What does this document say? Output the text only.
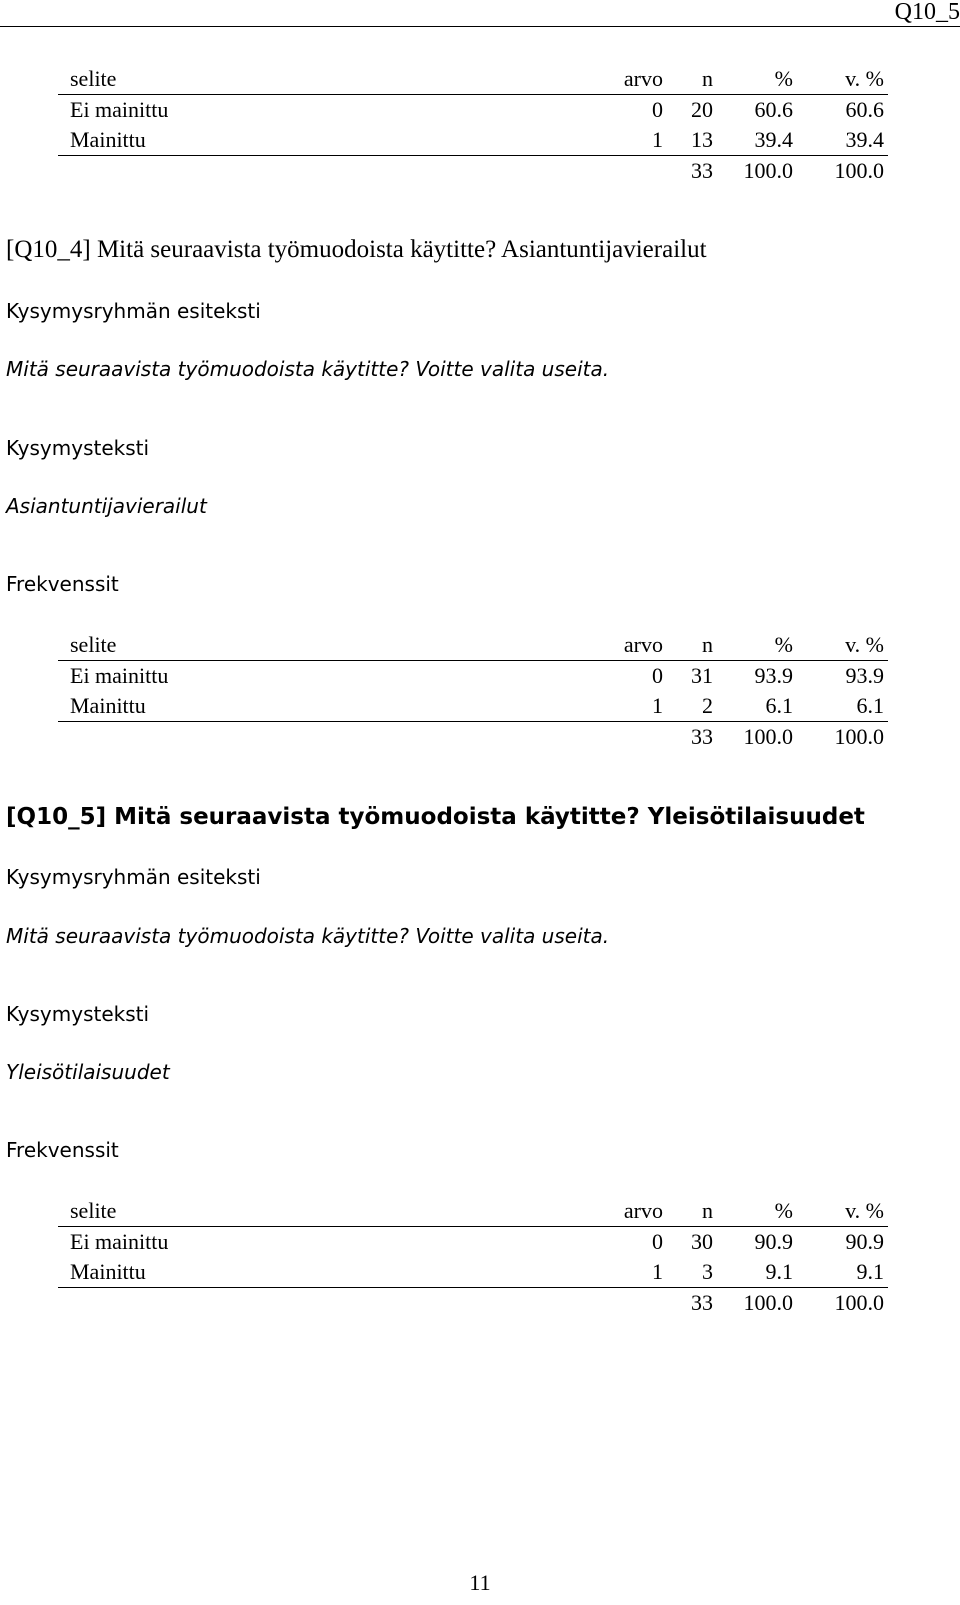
Q10_5
selite	arvo	n	%	v. %
Ei mainittu	0	20	60.6	60.6
Mainittu	1	13	39.4	39.4
		33	100.0	100.0
[Q10_4] Mitä seuraavista työmuodoista käytitte? Asiantuntijavierailut
Kysymysryhmän esiteksti
Mitä seuraavista työmuodoista käytitte? Voitte valita useita.
Kysymysteksti
Asiantuntijavierailut
Frekvenssit
selite	arvo	n	%	v. %
Ei mainittu	0	31	93.9	93.9
Mainittu	1	2	6.1	6.1
		33	100.0	100.0
[Q10_5] Mitä seuraavista työmuodoista käytitte? Yleisötilaisuudet
Kysymysryhmän esiteksti
Mitä seuraavista työmuodoista käytitte? Voitte valita useita.
Kysymysteksti
Yleisötilaisuudet
Frekvenssit
selite	arvo	n	%	v. %
Ei mainittu	0	30	90.9	90.9
Mainittu	1	3	9.1	9.1
		33	100.0	100.0
11
